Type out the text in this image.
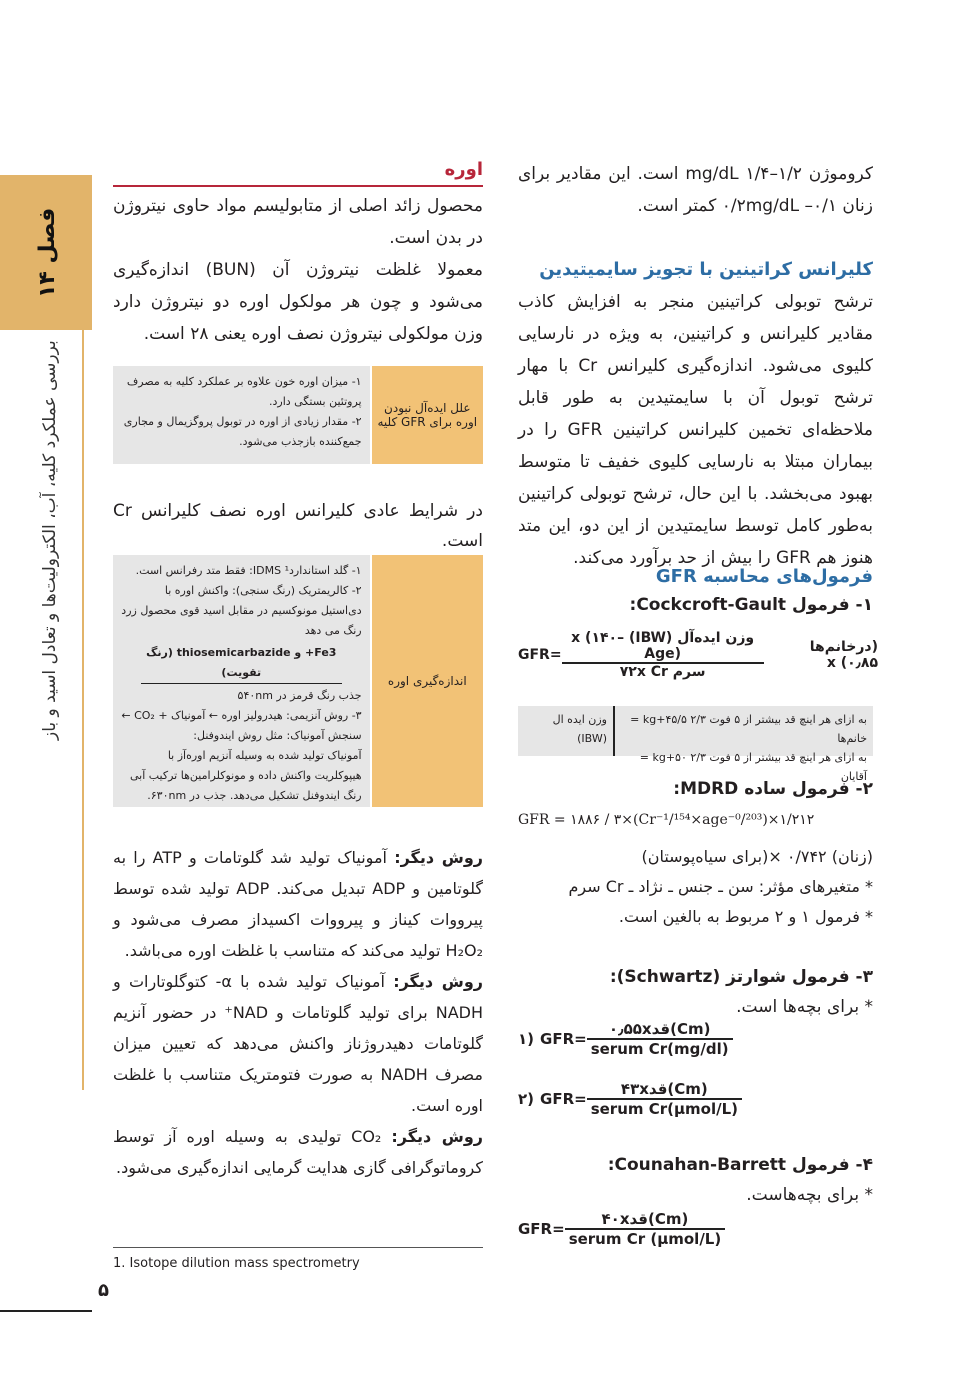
فصل ۱۴
بررسی عملکرد کلیه، آب، الکترولیت‌ها و تعادل اسید و باز
۵
اوره

محصول زائد اصلی از متابولیسم مواد حاوی نیتروژن در بدن است.

معمولا غلظت نیتروژن آن (BUN) اندازه‌گیری می‌شود و چون هر مولکول اوره دو نیتروژن دارد وزن مولکولی نیتروژن نصف اوره یعنی ۲۸ است.

علل ایده‌آل نبودن اوره برای GFR کلیه
۱- میزان اوره خون علاوه بر عملکرد کلیه به مصرف پروتئین بستگی دارد.
۲- مقدار زیادی از اوره در توبول پروگزیمال و مجاری جمع‌کننده بازجذب می‌شود.

در شرایط عادی کلیرانس اوره نصف کلیرانس Cr است.

اندازه‌گیری اوره
۱- گلد استاندارد¹ IDMS: فقط متد رفرانس است.
۲- کالریمتریک (رنگ سنجی): واکنش اوره با دی‌استیل مونوکسیم در مقابل اسید قوی محصول زرد رنگ می دهد
Fe3+ و thiosemicarbazide (رنگ تقویت)
جذب رنگ قرمز در ۵۴۰nm
۳- روش آنزیمی: هیدرولیز اوره ← آمونیاک + CO₂ ←
سنجش آمونیاک: مثل روش ایندوفنل:
آمونیاک تولید شده به وسیله آنزیم اوره‌آز با هیپوکلریت واکنش داده و مونوکلرامین‌ها ترکیب آبی رنگ ایندوفنل تشکیل می‌دهد. جذب در ۶۳۰nm.

روش دیگر: آمونیاک تولید شد گلوتامات و ATP را به گلوتامین و ADP تبدیل می‌کند. ADP تولید شده توسط پیرووات کیناز و پیرووات اکسیداز مصرف می‌شود و H₂O₂ تولید می‌کند که متناسب با غلظت اوره می‌باشد.

روش دیگر: آمونیاک تولید شده با α- کتوگلوتارات و NADH برای تولید گلوتامات و NAD⁺ در حضور آنزیم گلوتامات دهیدروژناز واکنش می‌دهد که تعیین میزان مصرف NADH به صورت فتومتریک متناسب با غلظت اوره است.

روش دیگر: CO₂ تولیدی به وسیله اوره آز توسط کروماتوگرافی گازی هدایت گرمایی اندازه‌گیری می‌شود.

1. Isotope dilution mass spectrometry

کروموژن ۱/۲–۱/۴ mg/dL است. این مقادیر برای زنان ۰/۱– ۰/۲mg/dL کمتر است.

کلیرانس کراتینین با تجویز سایمیتیدین

ترشح توبولی کراتینین منجر به افزایش کاذب مقادیر کلیرانس و کراتینین، به ویژه در نارسایی کلیوی می‌شود. اندازه‌گیری کلیرانس Cr با مهار ترشح توبول آن با سایمتیدین به طور قابل ملاحظه‌ای تخمین کلیرانس کراتینین GFR را در بیماران مبتلا به نارسایی کلیوی خفیف تا متوسط بهبود می‌بخشد. با این حال، ترشح توبولی کراتینین به‌طور کامل توسط سایمتیدین از این دو، این متد هنوز هم GFR را بیش از حد برآورد می‌کند.

فرمول‌های محاسبه GFR

۱- فرمول Cockcroft-Gault:

$GFR= \frac{\text{وزن ایده‌آل (IBW) x (۱۴۰–Age)}}{\text{سرم ۷۲x Cr}}$	(درخانم‌ها ۰٫۸۵) x
به ازای هر اینچ قد بیشتر از ۵ فوت ۲/۳ kg+۴۵/۵ = خانم‌ها
به ازای هر اینچ قد بیشتر از ۵ فوت ۲/۳ kg+۵۰ = آقایان
وزن ایده ال (IBW)

۲- فرمول ساده MDRD:

GFR = ۱۸۸۶ / ۳×(Cr⁻¹/¹⁵⁴×age⁻⁰/²⁰³)×۱/۲۱۲

(زنان) ۰/۷۴۲ ×(برای سیاه‌پوستان)

* متغیرهای مؤثر: سن ـ جنس ـ نژاد ـ Cr سرم

* فرمول ۱ و ۲ مربوط به بالغین است.

۳- فرمول شوارتز (Schwartz):

* برای بچه‌ها است.

۱) $GFR= \frac{\text{۰٫۵۵xقد(Cm)}}{\text{serum Cr(mg/dl)}}$
۲) $GFR= \frac{\text{۴۳xقد(Cm)}}{\text{serum Cr(µmol/L)}}$

۴- فرمول Counahan-Barrett:

* برای بچه‌هاست.

$GFR= \frac{\text{۴۰xقد(Cm)}}{\text{serum Cr (µmol/L)}}$
